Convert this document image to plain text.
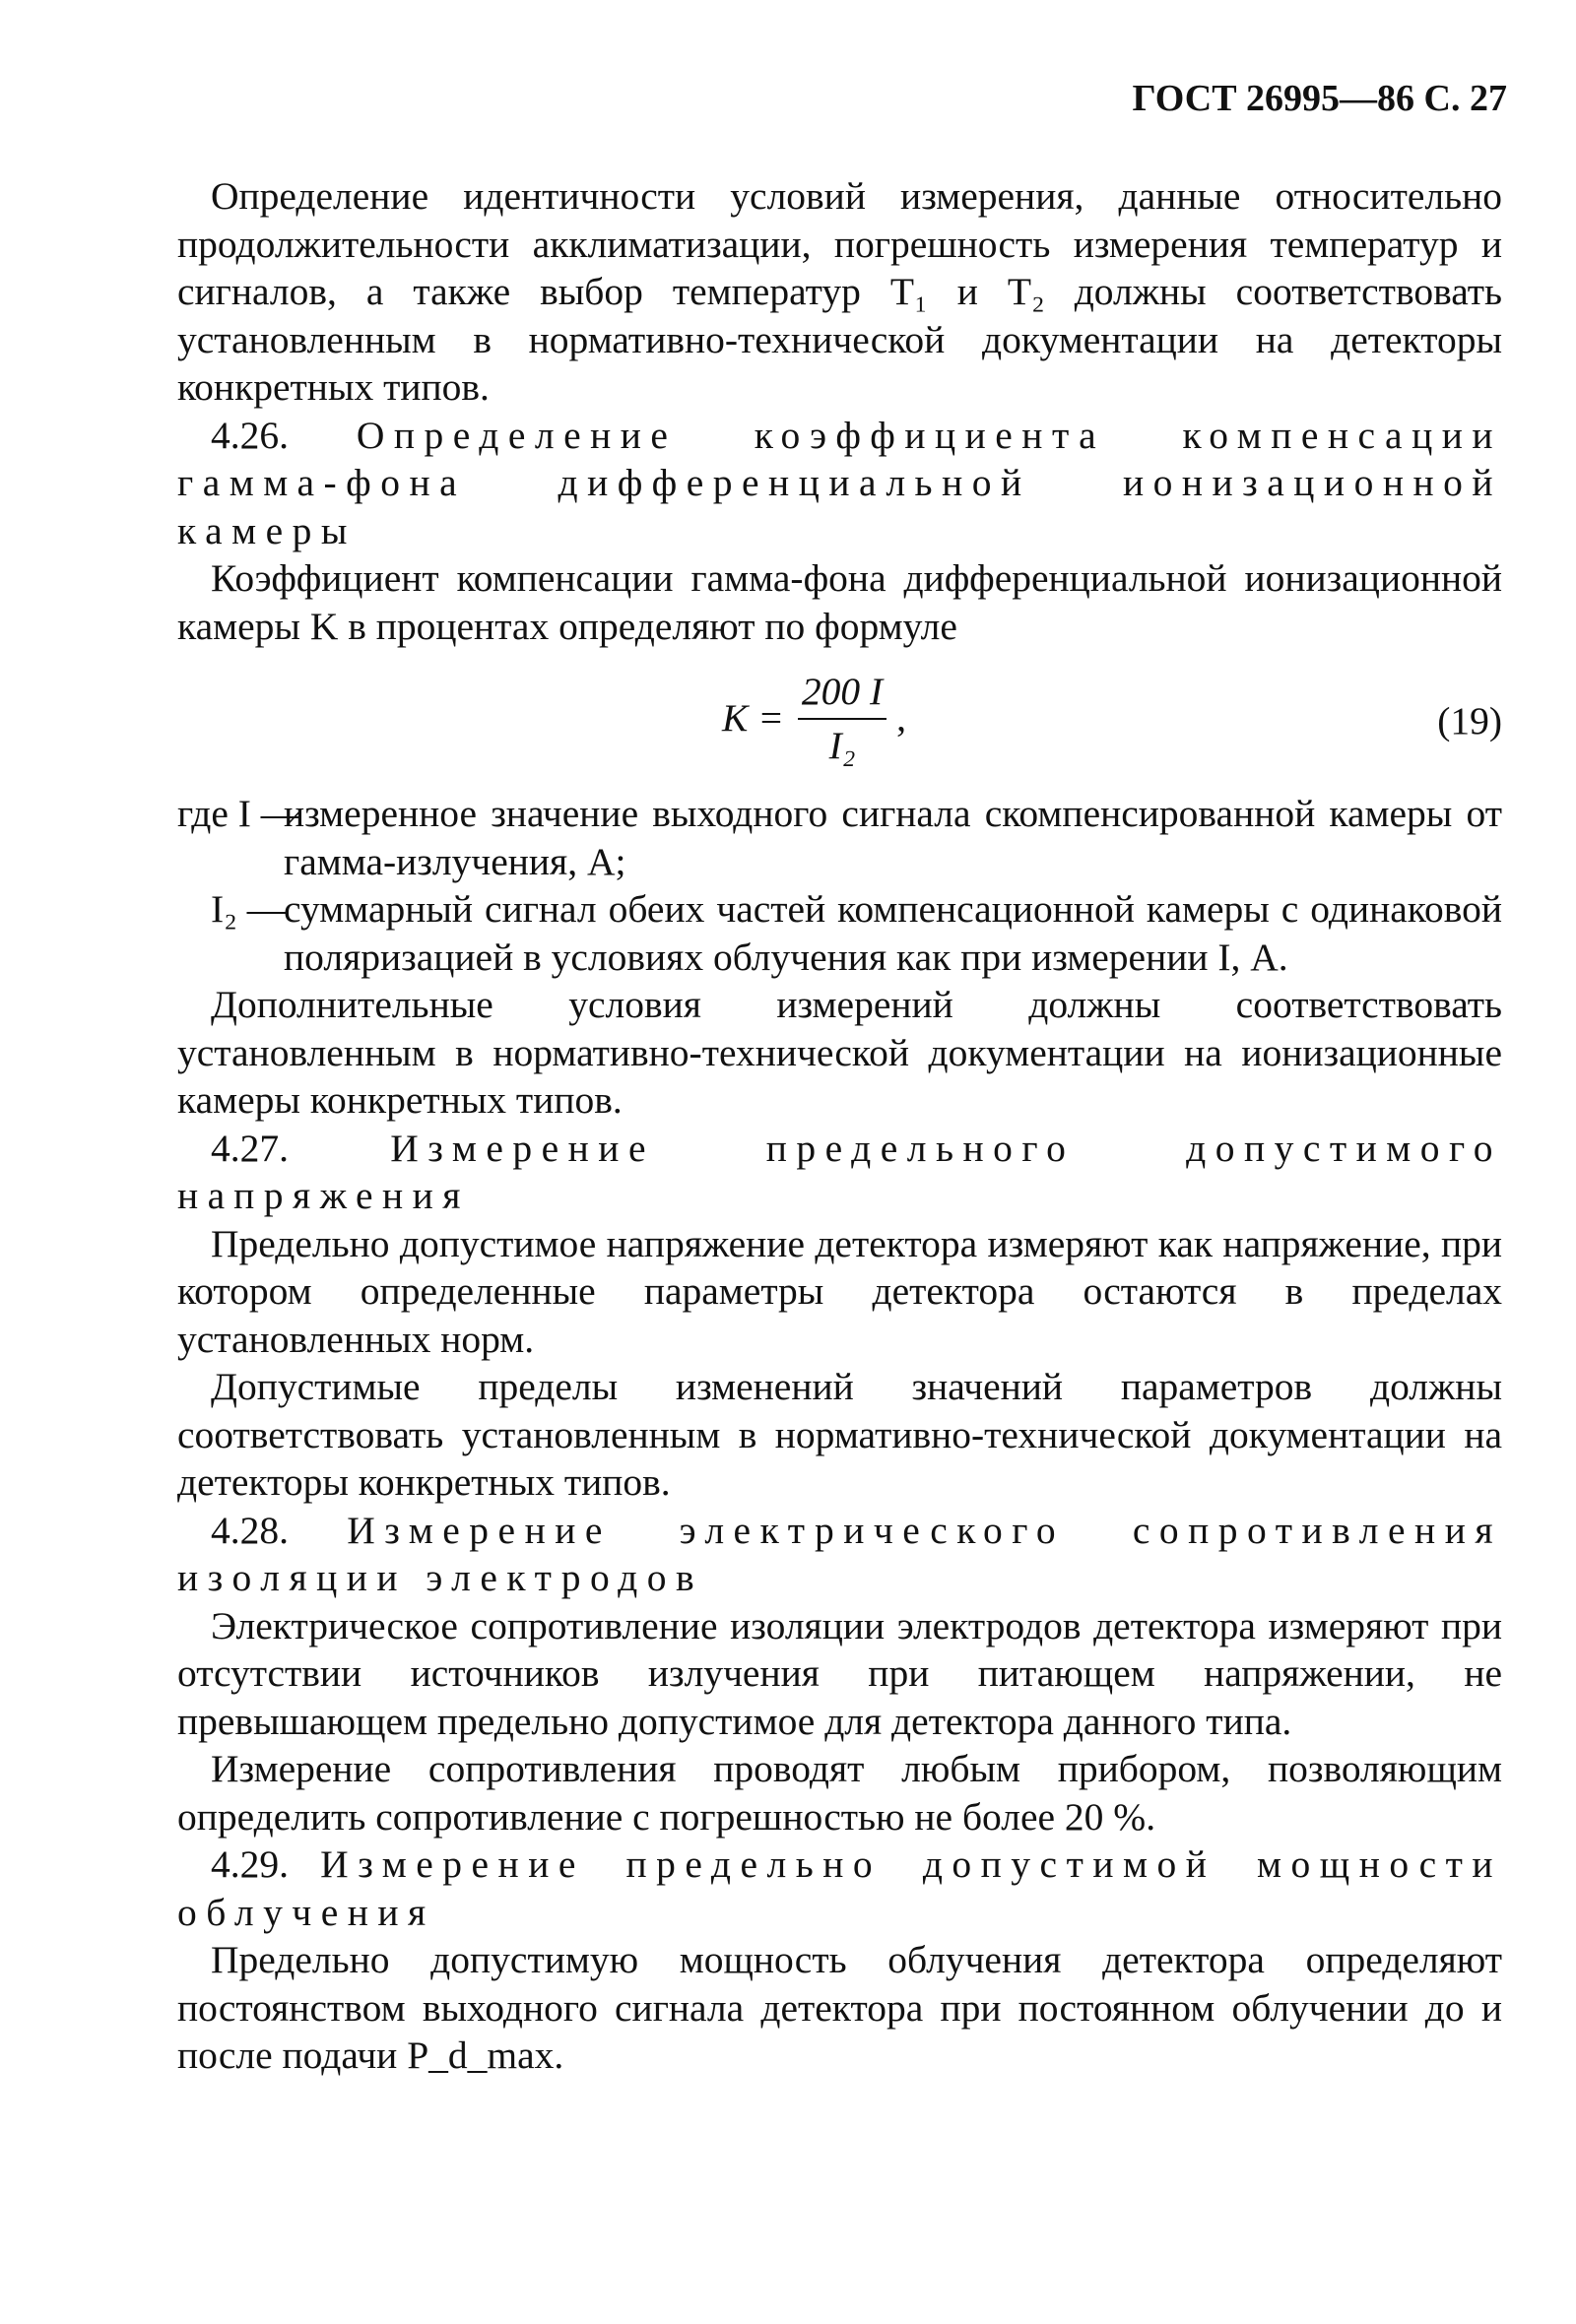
ГОСТ 26995—86 С. 27

Определение идентичности условий измерения, данные относительно продолжительности акклиматизации, погрешность измерения температур и сигналов, а также выбор температур T₁ и T₂ должны соответствовать установленным в нормативно-технической документации на детекторы конкретных типов.

4.26. Определение коэффициента компенсации гамма-фона дифференциальной ионизационной камеры

Коэффициент компенсации гамма-фона дифференциальной ионизационной камеры K в процентах определяют по формуле

$K = \frac{200 I}{\text{I₂}}$ ,	(19)
где I —
измеренное значение выходного сигнала скомпенсированной камеры от гамма-излучения, А;
I₂ —
суммарный сигнал обеих частей компенсационной камеры с одинаковой поляризацией в условиях облучения как при измерении I, А.

Дополнительные условия измерений должны соответствовать установленным в нормативно-технической документации на ионизационные камеры конкретных типов.

4.27.	Измерение предельного допустимого напряжения

Предельно допустимое напряжение детектора измеряют как напряжение, при котором определенные параметры детектора остаются в пределах установленных норм.

Допустимые пределы изменений значений параметров должны соответствовать установленным в нормативно-технической документации на детекторы конкретных типов.

4.28. Измерение электрического сопротивления изоляции электродов

Электрическое сопротивление изоляции электродов детектора измеряют при отсутствии источников излучения при питающем напряжении, не превышающем предельно допустимое для детектора данного типа.

Измерение сопротивления проводят любым прибором, позволяющим определить сопротивление с погрешностью не более 20 %.

4.29. Измерение предельно допустимой мощности облучения

Предельно допустимую мощность облучения детектора определяют постоянством выходного сигнала детектора при постоянном облучении до и после подачи P_d_max.
